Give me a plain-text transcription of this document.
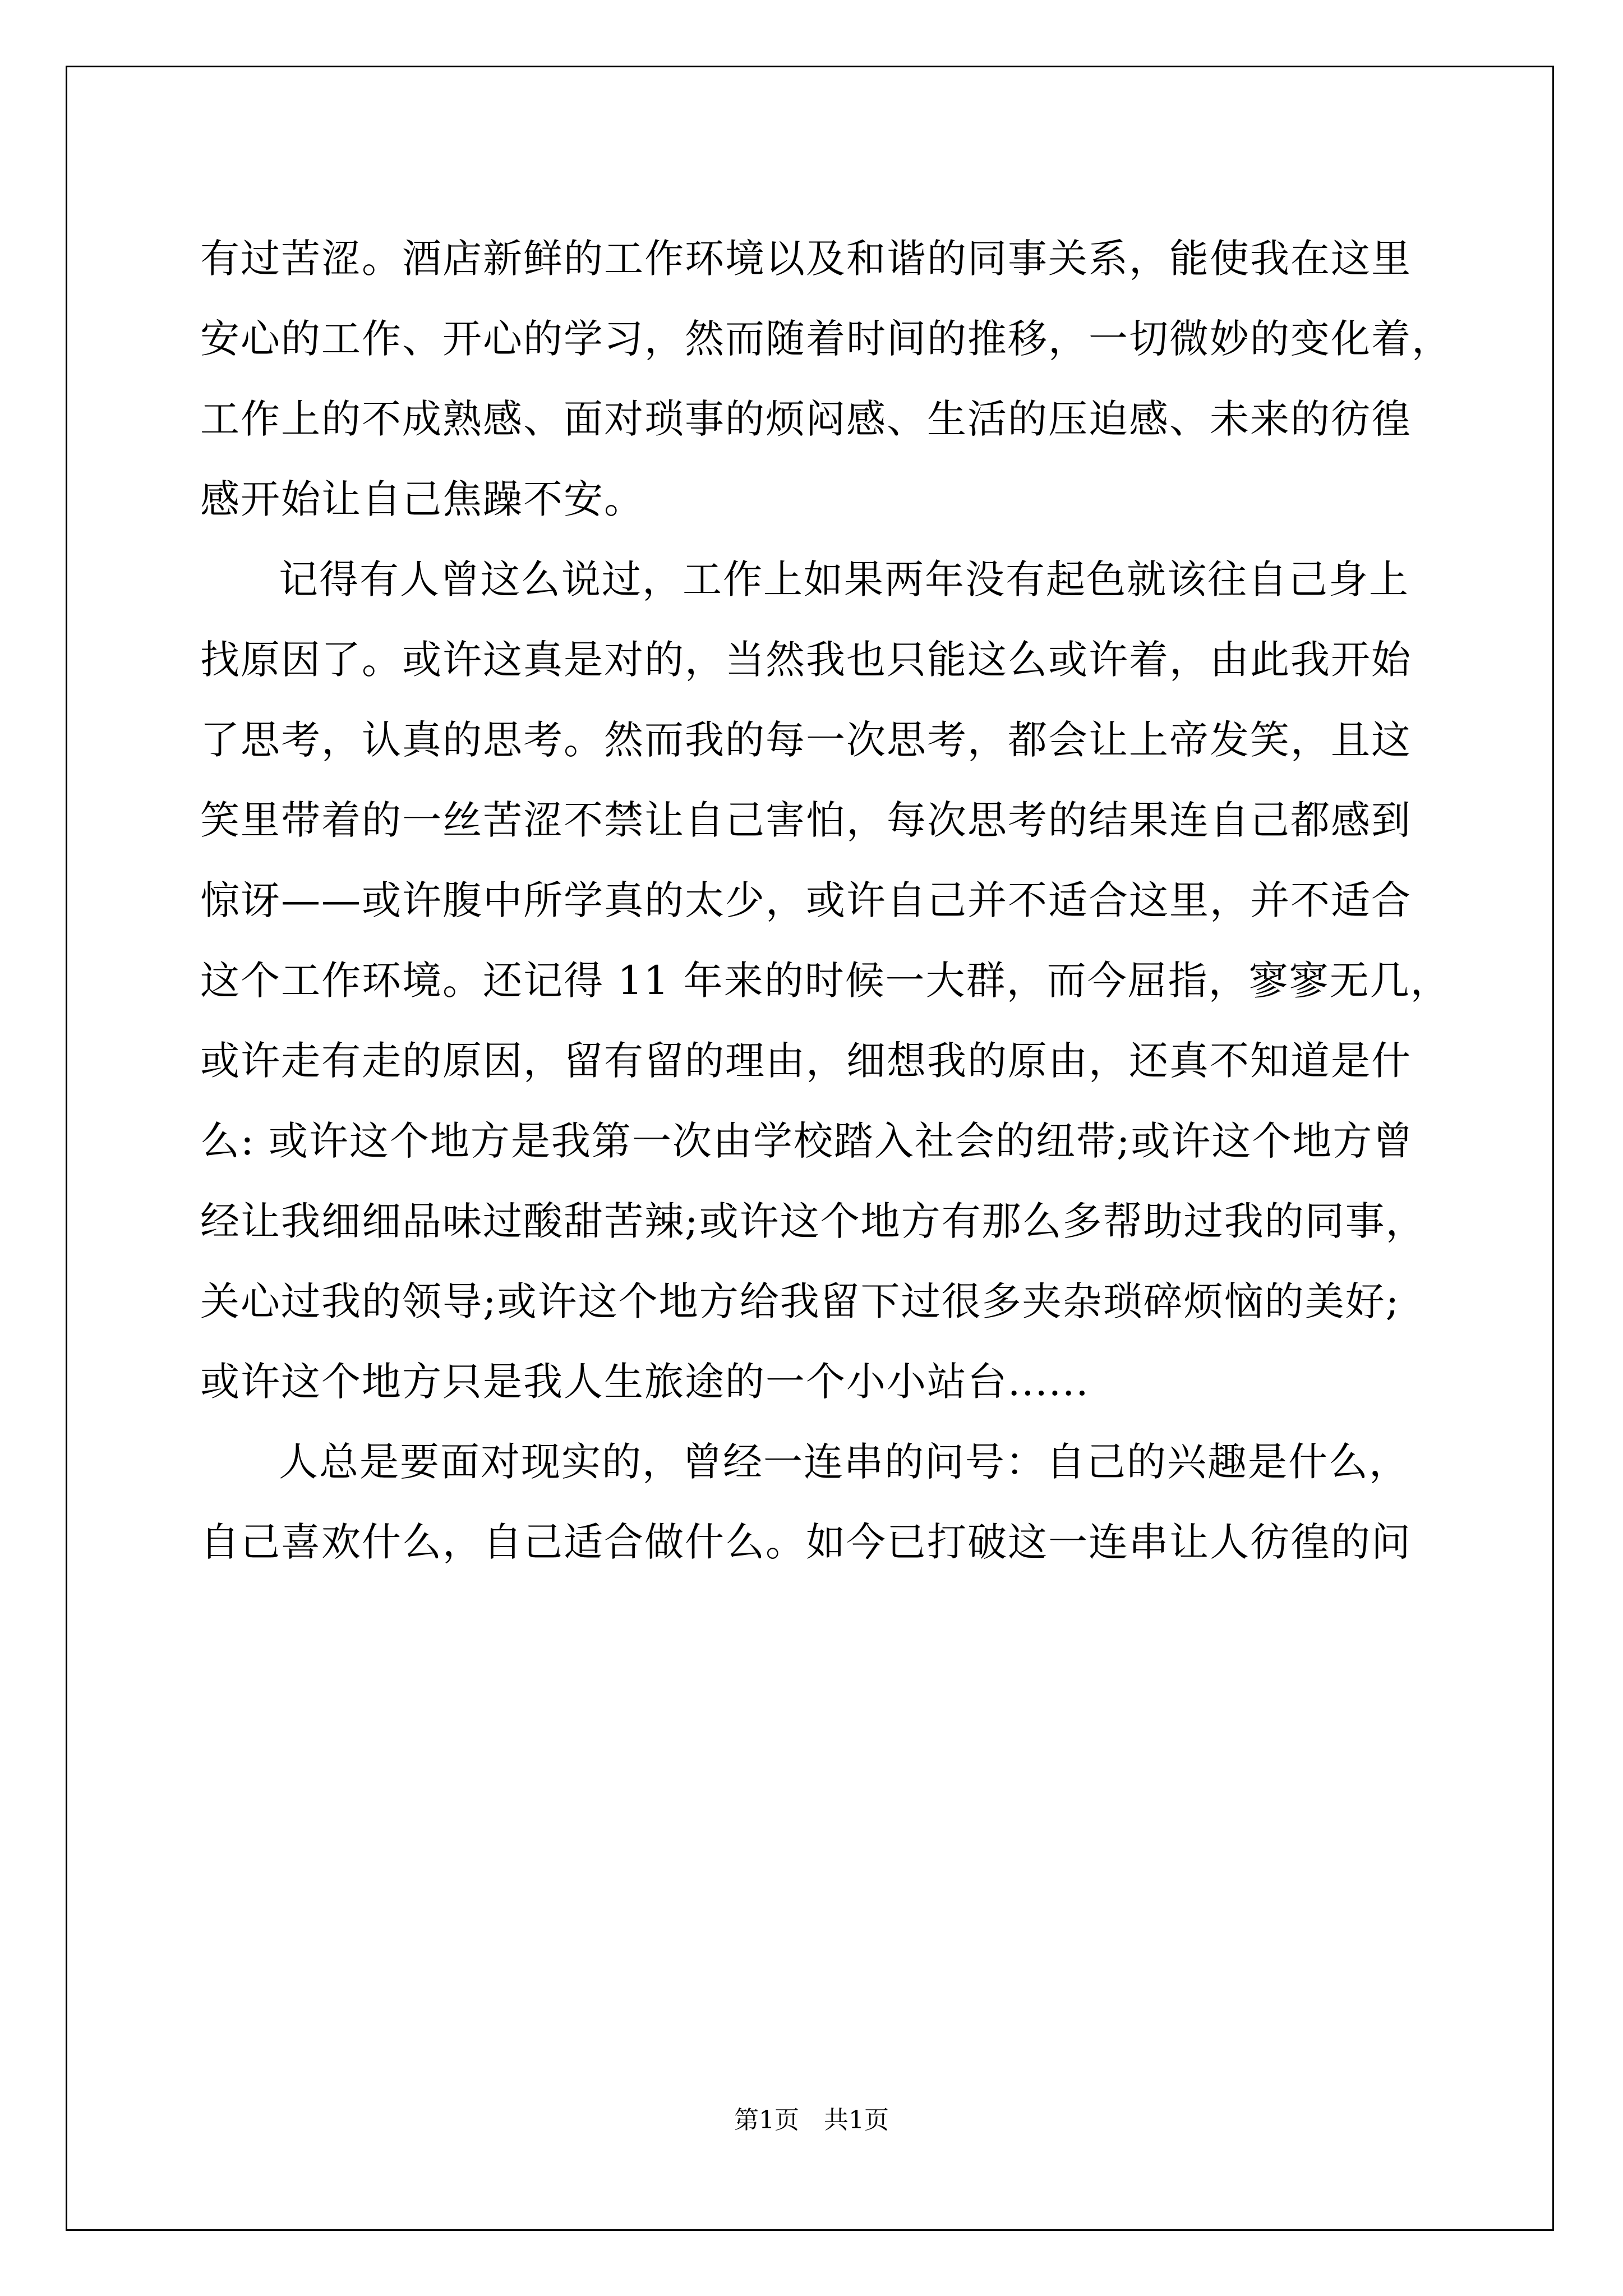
有过苦涩。酒店新鲜的工作环境以及和谐的同事关系，能使我在这里
安心的工作、开心的学习，然而随着时间的推移，一切微妙的变化着，
工作上的不成熟感、面对琐事的烦闷感、生活的压迫感、未来的彷徨
感开始让自己焦躁不安。
记得有人曾这么说过，工作上如果两年没有起色就该往自己身上
找原因了。或许这真是对的，当然我也只能这么或许着，由此我开始
了思考，认真的思考。然而我的每一次思考，都会让上帝发笑，且这
笑里带着的一丝苦涩不禁让自己害怕，每次思考的结果连自己都感到
惊讶——或许腹中所学真的太少，或许自己并不适合这里，并不适合
这个工作环境。还记得 11 年来的时候一大群，而今屈指，寥寥无几，
或许走有走的原因，留有留的理由，细想我的原由，还真不知道是什
么: 或许这个地方是我第一次由学校踏入社会的纽带;或许这个地方曾
经让我细细品味过酸甜苦辣;或许这个地方有那么多帮助过我的同事，
关心过我的领导;或许这个地方给我留下过很多夹杂琐碎烦恼的美好;
或许这个地方只是我人生旅途的一个小小站台......
人总是要面对现实的，曾经一连串的问号：自己的兴趣是什么，
自己喜欢什么，自己适合做什么。如今已打破这一连串让人彷徨的问
第1页　共1页
